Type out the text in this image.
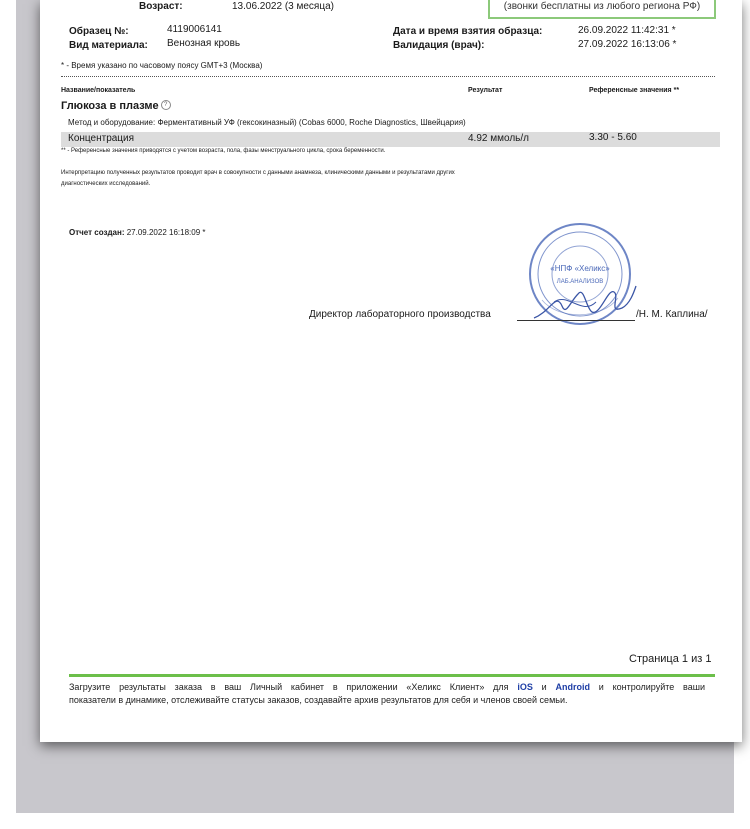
Возраст:	13.06.2022 (3 месяца)	(звонки бесплатны из любого региона РФ)
Образец №:	4119006141
Вид материала: Венозная кровь
Дата и время взятия образца:	26.09.2022 11:42:31 *
Валидация (врач):	27.09.2022 16:13:06 *
* - Время указано по часовому поясу GMT+3 (Москва)
Название/показатель	Результат	Референсные значения **
Глюкоза в плазме ?
Метод и оборудование: Ферментативный УФ (гексокиназный) (Cobas 6000, Roche Diagnostics, Швейцария)
Концентрация	4.92 ммоль/л	3.30 - 5.60
** - Референсные значения приводятся с учетом возраста, пола, фазы менструального цикла, срока беременности.
Интерпретацию полученных результатов проводит врач в совокупности с данными анамнеза, клиническими данными и результатами других
диагностических исследований.
Отчет создан: 27.09.2022 16:18:09 *
«НПФ «Хеликс»
ЛАБ.АНАЛИЗОВ
Директор лабораторного производства	/Н. М. Каплина/
Страница 1 из 1
Загрузите результаты заказа в ваш Личный кабинет в приложении «Хеликс Клиент» для iOS и Android и контролируйте ваши
показатели в динамике, отслеживайте статусы заказов, создавайте архив результатов для себя и членов своей семьи.
